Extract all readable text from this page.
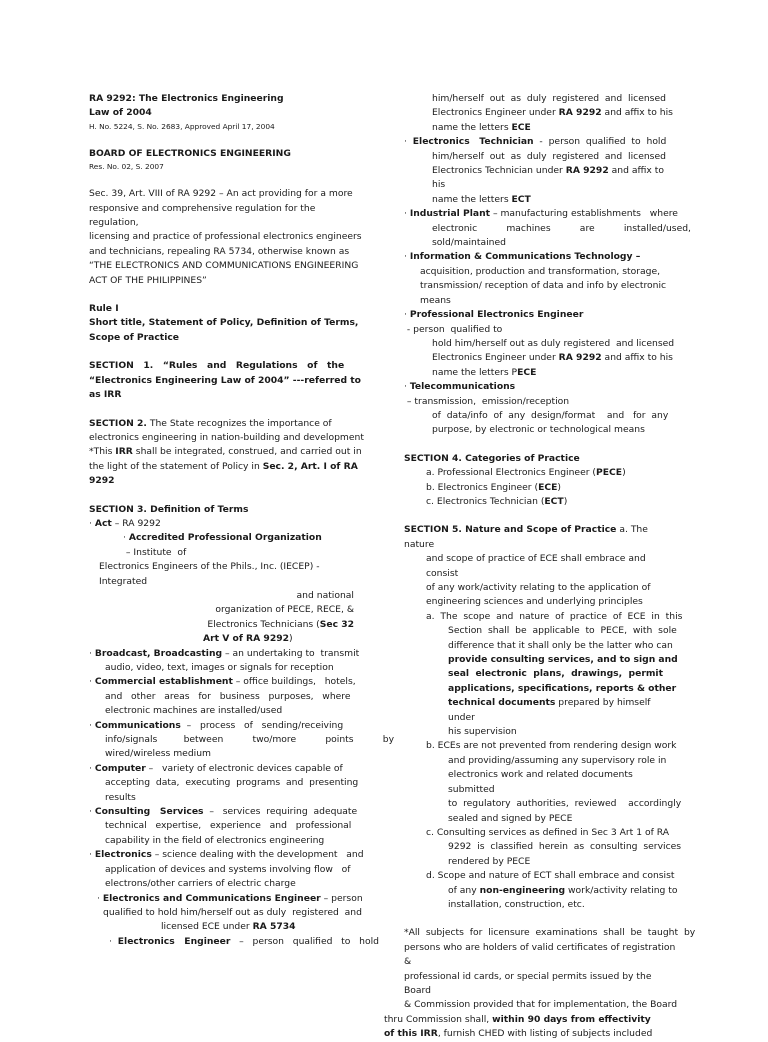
RA 9292: The Electronics Engineering

Law of 2004

H. No. 5224, S. No. 2683, Approved April 17, 2004

BOARD OF ELECTRONICS ENGINEERING

Res. No. 02, S. 2007

Sec. 39, Art. VIII of RA 9292 – An act providing for a more

responsive and comprehensive regulation for the regulation,

licensing and practice of professional electronics engineers

and technicians, repealing RA 5734, otherwise known as

“THE ELECTRONICS AND COMMUNICATIONS ENGINEERING

ACT OF THE PHILIPPINES”

Rule I

Short title, Statement of Policy, Definition of Terms,

Scope of Practice

SECTION   1.   “Rules   and   Regulations   of   the

“Electronics Engineering Law of 2004” ---referred to

as IRR

SECTION 2. The State recognizes the importance of

electronics engineering in nation-building and development

*This IRR shall be integrated, construed, and carried out in

the light of the statement of Policy in Sec. 2, Art. I of RA

9292

SECTION 3. Definition of Terms

· Act – RA 9292

· Accredited Professional Organization – Institute  of

Electronics Engineers of the Phils., Inc. (IECEP) - Integrated

and national

organization of PECE, RECE, &

Electronics Technicians (Sec 32

Art V of RA 9292)

· Broadcast, Broadcasting – an undertaking to  transmit

audio, video, text, images or signals for reception

· Commercial establishment – office buildings,   hotels,

and   other   areas   for   business   purposes,   where

electronic machines are installed/used

· Communications  –   process   of   sending/receiving

info/signals         between          two/more          points          by

wired/wireless medium

· Computer –   variety of electronic devices capable of

accepting  data,  executing  programs  and  presenting

results

· Consulting   Services  –   services  requiring  adequate

technical   expertise,   experience   and   professional

capability in the field of electronics engineering

· Electronics – science dealing with the development   and

application of devices and systems involving flow   of

electrons/other carriers of electric charge

· Electronics and Communications Engineer – person

qualified to hold him/herself out as duly  registered  and

licensed ECE under RA 5734

·  Electronics   Engineer   –   person   qualified   to   hold

him/herself  out  as  duly  registered  and  licensed

Electronics Engineer under RA 9292 and affix to his

name the letters ECE

·  Electronics   Technician  -  person  qualified  to  hold

him/herself  out  as  duly  registered  and  licensed

Electronics Technician under RA 9292 and affix to his

name the letters ECT

· Industrial Plant – manufacturing establishments   where

electronic          machines          are          installed/used,

sold/maintained

· Information & Communications Technology –

acquisition, production and transformation, storage,

transmission/ reception of data and info by electronic

means

· Professional Electronics Engineer - person  qualified to

hold him/herself out as duly registered  and licensed

Electronics Engineer under RA 9292 and affix to his

name the letters PECE

· Telecommunications – transmission,  emission/reception

of  data/info  of  any  design/format    and   for  any

purpose, by electronic or technological means

SECTION 4. Categories of Practice

a. Professional Electronics Engineer (PECE)

b. Electronics Engineer (ECE)

c. Electronics Technician (ECT)

SECTION 5. Nature and Scope of Practice a. The nature

and scope of practice of ECE shall embrace and consist

of any work/activity relating to the application of

engineering sciences and underlying principles

a.  The  scope  and  nature  of  practice  of  ECE  in  this

Section  shall  be  applicable  to  PECE,  with  sole

difference that it shall only be the latter who can

provide consulting services, and to sign and

seal  electronic  plans,  drawings,  permit

applications, specifications, reports & other

technical documents prepared by himself under

his supervision

b. ECEs are not prevented from rendering design work

and providing/assuming any supervisory role in

electronics work and related documents submitted

to  regulatory  authorities,  reviewed    accordingly

sealed and signed by PECE

c. Consulting services as defined in Sec 3 Art 1 of RA

9292  is  classified  herein  as  consulting  services

rendered by PECE

d. Scope and nature of ECT shall embrace and consist

of any non-engineering work/activity relating to

installation, construction, etc.

*All  subjects  for  licensure  examinations  shall  be  taught  by

persons who are holders of valid certificates of registration &

professional id cards, or special permits issued by the Board

& Commission provided that for implementation, the Board

thru Commission shall, within 90 days from effectivity

of this IRR, furnish CHED with listing of subjects included
